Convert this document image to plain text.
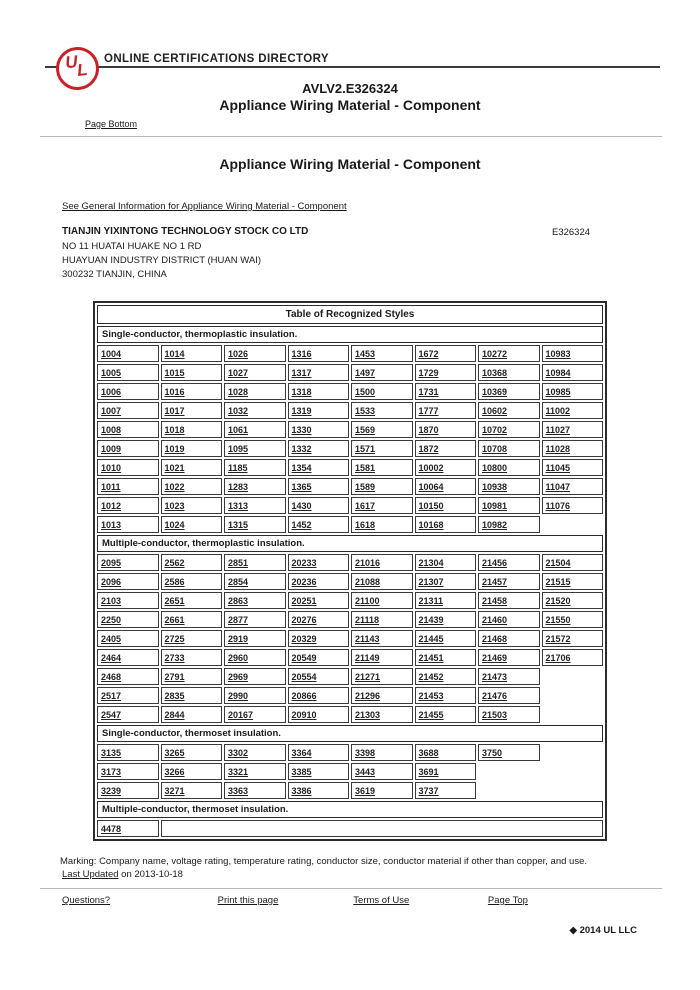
U
L
ONLINE CERTIFICATIONS DIRECTORY
AVLV2.E326324
Appliance Wiring Material - Component
Page Bottom
Appliance Wiring Material - Component
See General Information for Appliance Wiring Material - Component
TIANJIN YIXINTONG TECHNOLOGY STOCK CO LTD	E326324
NO 11 HUATAI HUAKE NO 1 RD
HUAYUAN INDUSTRY DISTRICT (HUAN WAI)
300232 TIANJIN, CHINA
Table of Recognized Styles
Single-conductor, thermoplastic insulation.
1004	1014	1026	1316	1453	1672	10272	10983
1005	1015	1027	1317	1497	1729	10368	10984
1006	1016	1028	1318	1500	1731	10369	10985
1007	1017	1032	1319	1533	1777	10602	11002
1008	1018	1061	1330	1569	1870	10702	11027
1009	1019	1095	1332	1571	1872	10708	11028
1010	1021	1185	1354	1581	10002	10800	11045
1011	1022	1283	1365	1589	10064	10938	11047
1012	1023	1313	1430	1617	10150	10981	11076
1013	1024	1315	1452	1618	10168	10982
Multiple-conductor, thermoplastic insulation.
2095	2562	2851	20233	21016	21304	21456	21504
2096	2586	2854	20236	21088	21307	21457	21515
2103	2651	2863	20251	21100	21311	21458	21520
2250	2661	2877	20276	21118	21439	21460	21550
2405	2725	2919	20329	21143	21445	21468	21572
2464	2733	2960	20549	21149	21451	21469	21706
2468	2791	2969	20554	21271	21452	21473
2517	2835	2990	20866	21296	21453	21476
2547	2844	20167	20910	21303	21455	21503
Single-conductor, thermoset insulation.
3135	3265	3302	3364	3398	3688	3750
3173	3266	3321	3385	3443	3691
3239	3271	3363	3386	3619	3737
Multiple-conductor, thermoset insulation.
4478
Marking: Company name, voltage rating, temperature rating, conductor size, conductor material if other than copper, and use.
Last Updated on 2013-10-18
Questions?	Print this page	Terms of Use	Page Top
◆ 2014 UL LLC
